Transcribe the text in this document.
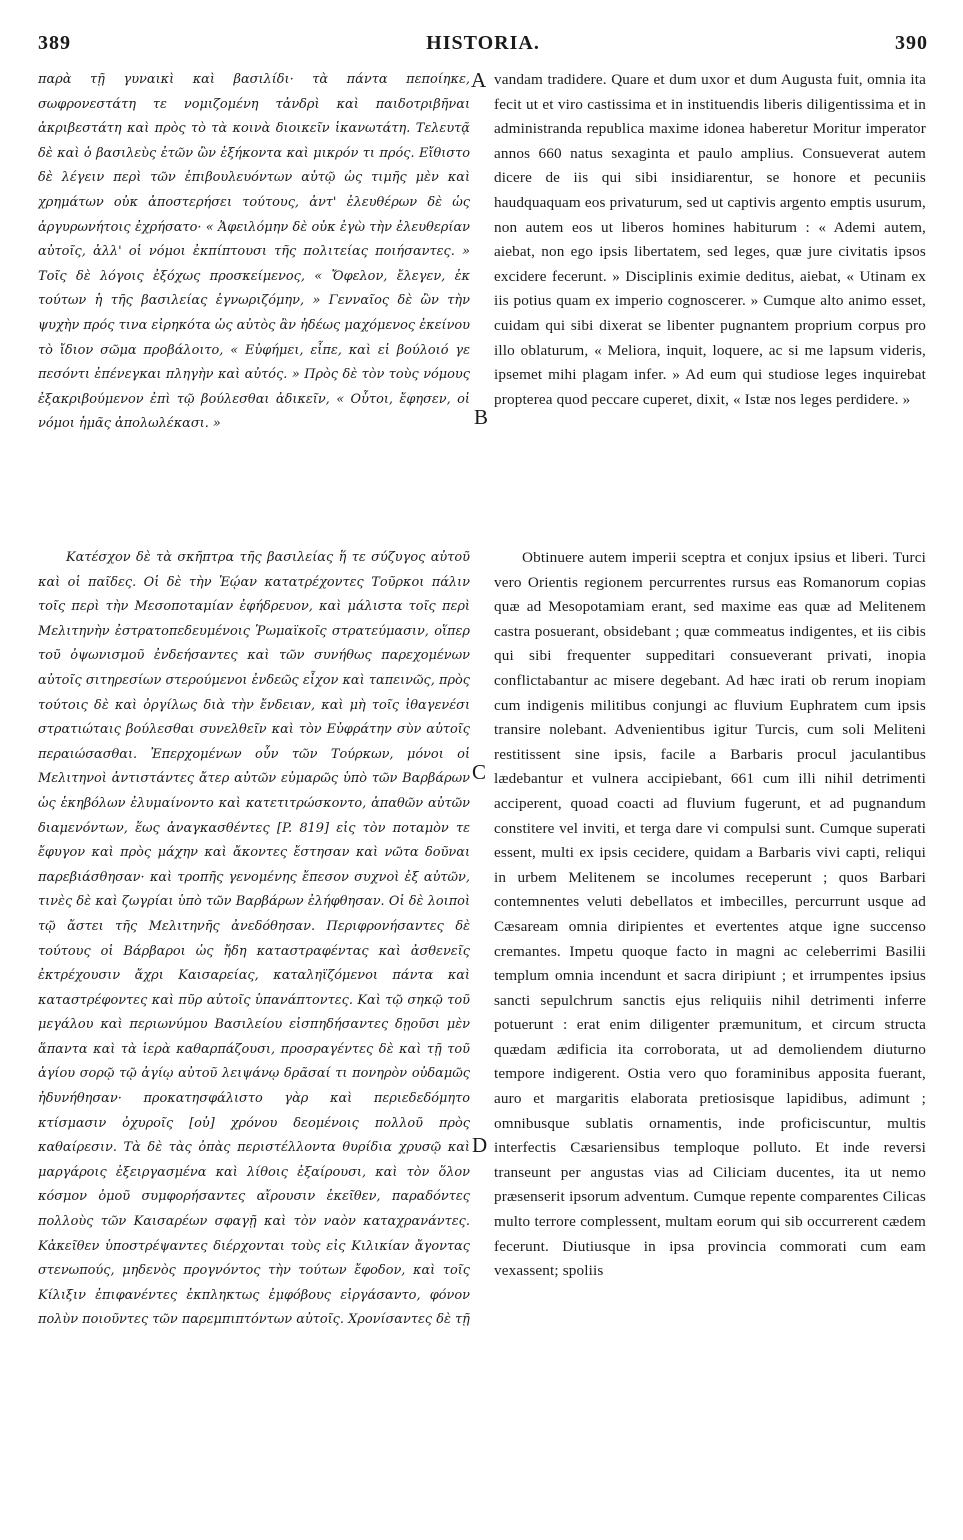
389	HISTORIA.	390
A
B
C
D

παρὰ τῇ γυναικὶ καὶ βασιλίδι· τὰ πάντα πεποίηκε, σωφρονεστάτη τε νομιζομένη τἀνδρὶ καὶ παιδοτριβῆναι ἀκριβεστάτη καὶ πρὸς τὸ τὰ κοινὰ διοικεῖν ἱκανωτάτη. Τελευτᾷ δὲ καὶ ὁ βασιλεὺς ἐτῶν ὢν ἑξήκοντα καὶ μικρόν τι πρός. Εἴθιστο δὲ λέγειν περὶ τῶν ἐπιβουλευόντων αὐτῷ ὡς τιμῆς μὲν καὶ χρημάτων οὐκ ἀποστερήσει τούτους, ἀντ' ἐλευθέρων δὲ ὡς ἀργυρωνήτοις ἐχρήσατο· « Ἀφειλόμην δὲ οὐκ ἐγὼ τὴν ἐλευθερίαν αὐτοῖς, ἀλλ' οἱ νόμοι ἐκπίπτουσι τῆς πολιτείας ποιήσαντες. » Τοῖς δὲ λόγοις ἐξόχως προσκείμενος, « Ὄφελον, ἔλεγεν, ἐκ τούτων ἡ τῆς βασιλείας ἐγνωριζόμην, » Γενναῖος δὲ ὢν τὴν ψυχὴν πρός τινα εἰρηκότα ὡς αὐτὸς ἂν ἡδέως μαχόμενος ἐκείνου τὸ ἴδιον σῶμα προβάλοιτο, « Εὐφήμει, εἶπε, καὶ εἰ βούλοιό γε πεσόντι ἐπένεγκαι πληγὴν καὶ αὐτός. » Πρὸς δὲ τὸν τοὺς νόμους ἐξακριβούμενον ἐπὶ τῷ βούλεσθαι ἀδικεῖν, « Οὗτοι, ἔφησεν, οἱ νόμοι ἡμᾶς ἀπολωλέκασι. »

Κατέσχον δὲ τὰ σκῆπτρα τῆς βασιλείας ἥ τε σύζυγος αὐτοῦ καὶ οἱ παῖδες. Οἱ δὲ τὴν Ἑῴαν κατατρέχοντες Τοῦρκοι πάλιν τοῖς περὶ τὴν Μεσοποταμίαν ἐφήδρευον, καὶ μάλιστα τοῖς περὶ Μελιτηνὴν ἐστρατοπεδευμένοις Ῥωμαϊκοῖς στρατεύμασιν, οἵπερ τοῦ ὀψωνισμοῦ ἐνδεήσαντες καὶ τῶν συνήθως παρεχομένων αὐτοῖς σιτηρεσίων στερούμενοι ἐνδεῶς εἶχον καὶ ταπεινῶς, πρὸς τούτοις δὲ καὶ ὀργίλως διὰ τὴν ἔνδειαν, καὶ μὴ τοῖς ἰθαγενέσι στρατιώταις βούλεσθαι συνελθεῖν καὶ τὸν Εὐφράτην σὺν αὐτοῖς περαιώσασθαι. Ἐπερχομένων οὖν τῶν Τούρκων, μόνοι οἱ Μελιτηνοὶ ἀντιστάντες ἄτερ αὐτῶν εὐμαρῶς ὑπὸ τῶν Βαρβάρων ὡς ἑκηβόλων ἐλυμαίνοντο καὶ κατετιτρώσκοντο, ἀπαθῶν αὐτῶν διαμενόντων, ἕως ἀναγκασθέντες [P. 819] εἰς τὸν ποταμὸν τε ἔφυγον καὶ πρὸς μάχην καὶ ἄκοντες ἔστησαν καὶ νῶτα δοῦναι παρεβιάσθησαν· καὶ τροπῆς γενομένης ἔπεσον συχνοὶ ἐξ αὐτῶν, τινὲς δὲ καὶ ζωγρίαι ὑπὸ τῶν Βαρβάρων ἐλήφθησαν. Οἱ δὲ λοιποὶ τῷ ἄστει τῆς Μελιτηνῆς ἀνεδόθησαν. Περιφρονήσαντες δὲ τούτους οἱ Βάρβαροι ὡς ἤδη καταστραφέντας καὶ ἀσθενεῖς ἐκτρέχουσιν ἄχρι Καισαρείας, καταληϊζόμενοι πάντα καὶ καταστρέφοντες καὶ πῦρ αὐτοῖς ὑπανάπτοντες. Καὶ τῷ σηκῷ τοῦ μεγάλου καὶ περιωνύμου Βασιλείου εἰσπηδήσαντες δῃοῦσι μὲν ἅπαντα καὶ τὰ ἱερὰ καθαρπάζουσι, προσραγέντες δὲ καὶ τῇ τοῦ ἁγίου σορῷ τῷ ἀγίῳ αὐτοῦ λειψάνῳ δρᾶσαί τι πονηρὸν οὐδαμῶς ἠδυνήθησαν· προκατησφάλιστο γὰρ καὶ περιεδεδόμητο κτίσμασιν ὀχυροῖς [οὐ] χρόνου δεομένοις πολλοῦ πρὸς καθαίρεσιν. Τὰ δὲ τὰς ὀπὰς περιστέλλοντα θυρίδια χρυσῷ καὶ μαργάροις ἐξειργασμένα καὶ λίθοις ἐξαίρουσι, καὶ τὸν ὅλον κόσμον ὁμοῦ συμφορήσαντες αἴρουσιν ἐκεῖθεν, παραδόντες πολλοὺς τῶν Καισαρέων σφαγῇ καὶ τὸν ναὸν καταχρανάντες. Κἀκεῖθεν ὑποστρέψαντες διέρχονται τοὺς εἰς Κιλικίαν ἄγοντας στενωπούς, μηδενὸς προγνόντος τὴν τούτων ἔφοδον, καὶ τοῖς Κίλιξιν ἐπιφανέντες ἐκπληκτως ἐμφόβους εἰργάσαντο, φόνον πολὺν ποιοῦντες τῶν παρεμπιπτόντων αὐτοῖς. Χρονίσαντες δὲ τῇ

vandam tradidere. Quare et dum uxor et dum Augusta fuit, omnia ita fecit ut et viro castissima et in instituendis liberis diligentissima et in administranda republica maxime idonea haberetur Moritur imperator annos 660 natus sexaginta et paulo amplius. Consueverat autem dicere de iis qui sibi insidiarentur, se honore et pecuniis haudquaquam eos privaturum, sed ut captivis argento emptis usurum, non autem eos ut liberos homines habiturum : « Ademi autem, aiebat, non ego ipsis libertatem, sed leges, quæ jure civitatis ipsos excidere fecerunt. » Disciplinis eximie deditus, aiebat, « Utinam ex iis potius quam ex imperio cognoscerer. » Cumque alto animo esset, cuidam qui sibi dixerat se libenter pugnantem proprium corpus pro illo oblaturum, « Meliora, inquit, loquere, ac si me lapsum videris, ipsemet mihi plagam infer. » Ad eum qui studiose leges inquirebat propterea quod peccare cuperet, dixit, « Istæ nos leges perdidere. »

Obtinuere autem imperii sceptra et conjux ipsius et liberi. Turci vero Orientis regionem percurrentes rursus eas Romanorum copias quæ ad Mesopotamiam erant, sed maxime eas quæ ad Melitenem castra posuerant, obsidebant ; quæ commeatus indigentes, et iis cibis qui sibi frequenter suppeditari consueverant privati, inopia conflictabantur ac misere degebant. Ad hæc irati ob rerum inopiam cum indigenis militibus conjungi ac fluvium Euphratem cum ipsis transire nolebant. Advenientibus igitur Turcis, cum soli Meliteni restitissent sine ipsis, facile a Barbaris procul jaculantibus lædebantur et vulnera accipiebant, 661 cum illi nihil detrimenti acciperent, quoad coacti ad fluvium fugerunt, et ad pugnandum constitere vel inviti, et terga dare vi compulsi sunt. Cumque superati essent, multi ex ipsis cecidere, quidam a Barbaris vivi capti, reliqui in urbem Melitenem se incolumes receperunt ; quos Barbari contemnentes veluti debellatos et imbecilles, percurrunt usque ad Cæsaream omnia diripientes et evertentes atque igne succenso cremantes. Impetu quoque facto in magni ac celeberrimi Basilii templum omnia incendunt et sacra diripiunt ; et irrumpentes ipsius sancti sepulchrum sanctis ejus reliquiis nihil detrimenti inferre potuerunt : erat enim diligenter præmunitum, et circum structa quædam ædificia ita corroborata, ut ad demoliendem diuturno tempore indigerent. Ostia vero quo foraminibus apposita fuerant, auro et margaritis elaborata pretiosisque lapidibus, adimunt ; omnibusque sublatis ornamentis, inde proficiscuntur, multis interfectis Cæsariensibus temploque polluto. Et inde reversi transeunt per angustas vias ad Ciliciam ducentes, ita ut nemo præsenserit ipsorum adventum. Cumque repente comparentes Cilicas multo terrore complessent, multam eorum qui sib occurrerent cædem fecerunt. Diutiusque in ipsa provincia commorati cum eam vexassent; spoliis
